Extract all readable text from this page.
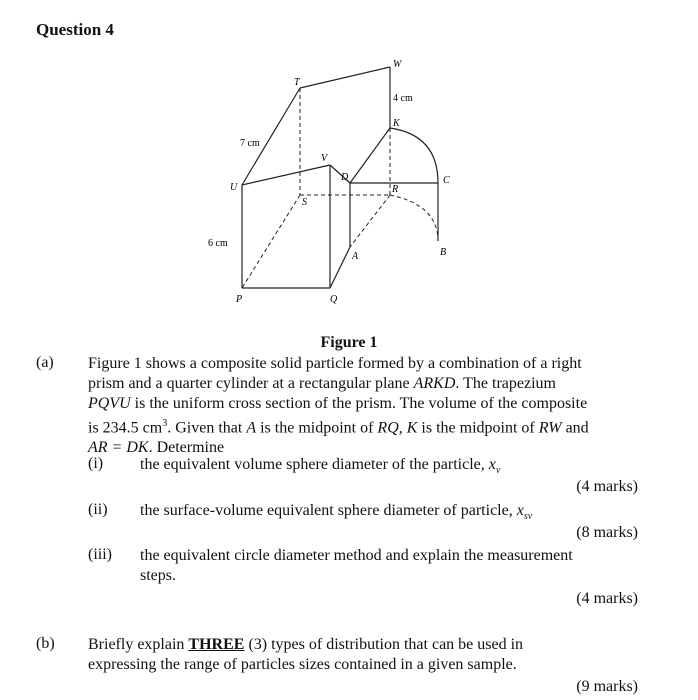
Question 4
T
W
K
C
D
R
V
U
S
A	B
P	Q
7 cm
6 cm
4 cm
Figure 1
(a) Figure 1 shows a composite solid particle formed by a combination of a right
prism and a quarter cylinder at a rectangular plane ARKD. The trapezium
PQVU is the uniform cross section of the prism. The volume of the composite
is 234.5 $cm^3$. Given that A is the midpoint of RQ, K is the midpoint of RW and
AR = DK. Determine
(i) the equivalent volume sphere diameter of the particle, $x_v$
(4 marks)
(ii) the surface-volume equivalent sphere diameter of particle, $x_{sv}$
(8 marks)
(iii) the equivalent circle diameter method and explain the measurement
steps.
(4 marks)
(b) Briefly explain THREE (3) types of distribution that can be used in
expressing the range of particles sizes contained in a given sample.
(9 marks)
